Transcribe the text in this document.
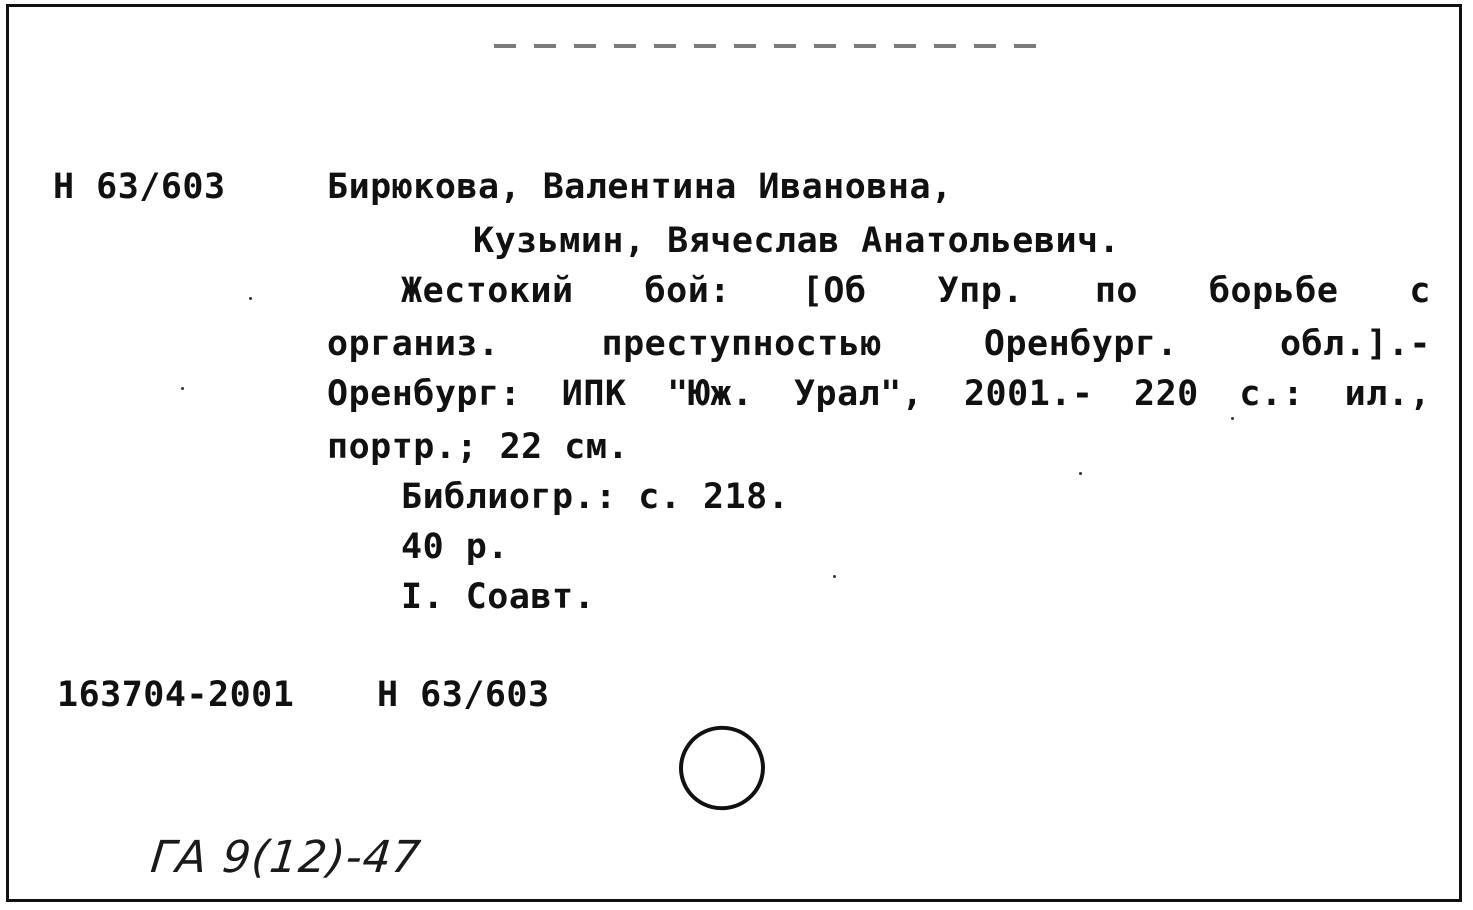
Н 63/603	Бирюкова, Валентина Ивановна,
Кузьмин, Вячеслав Анатольевич.
Жестокий бой: [Об Упр. по борьбе с
организ.	преступностью	Оренбург.	обл.].-
Оренбург: ИПК "Юж. Урал", 2001.- 220 с.: ил.,
портр.; 22 см.
Библиогр.: с. 218.
40 р.
I. Соавт.
163704-2001 Н 63/603
ГА 9(12)-47
